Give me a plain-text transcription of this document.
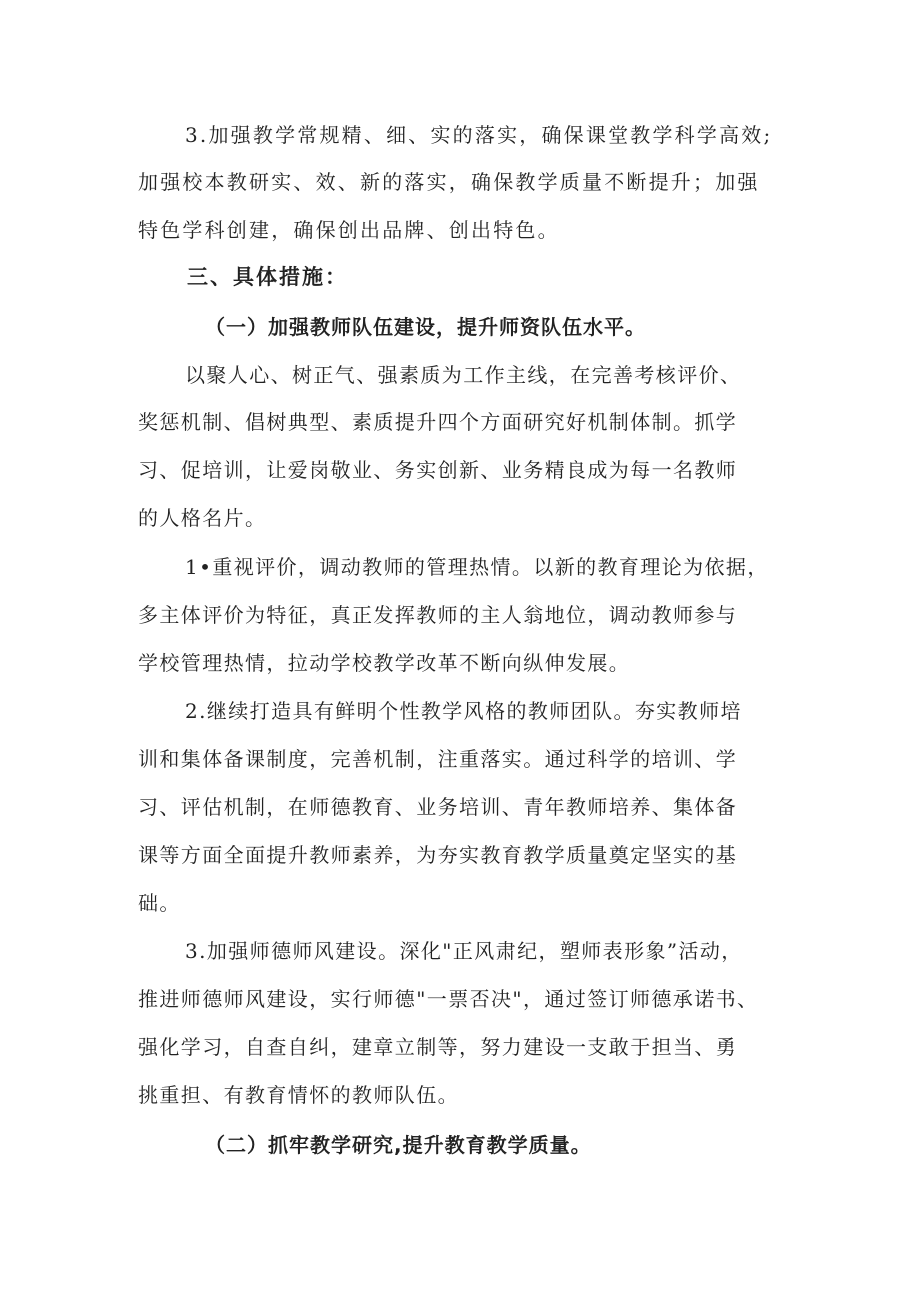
3.加强教学常规精、细、实的落实，确保课堂教学科学高效;

加强校本教研实、效、新的落实，确保教学质量不断提升；加强

特色学科创建，确保创出品牌、创出特色。

三、具体措施：
（一）加强教师队伍建设，提升师资队伍水平。

以聚人心、树正气、强素质为工作主线，在完善考核评价、

奖惩机制、倡树典型、素质提升四个方面研究好机制体制。抓学

习、促培训，让爱岗敬业、务实创新、业务精良成为每一名教师

的人格名片。

1•重视评价，调动教师的管理热情。以新的教育理论为依据，

多主体评价为特征，真正发挥教师的主人翁地位，调动教师参与

学校管理热情，拉动学校教学改革不断向纵伸发展。

2.继续打造具有鲜明个性教学风格的教师团队。夯实教师培

训和集体备课制度，完善机制，注重落实。通过科学的培训、学

习、评估机制，在师德教育、业务培训、青年教师培养、集体备

课等方面全面提升教师素养，为夯实教育教学质量奠定坚实的基

础。

3.加强师德师风建设。深化"正风肃纪，塑师表形象”活动，

推进师德师风建设，实行师德"一票否决"，通过签订师德承诺书、

强化学习，自查自纠，建章立制等，努力建设一支敢于担当、勇

挑重担、有教育情怀的教师队伍。

（二）抓牢教学研究,提升教育教学质量。
